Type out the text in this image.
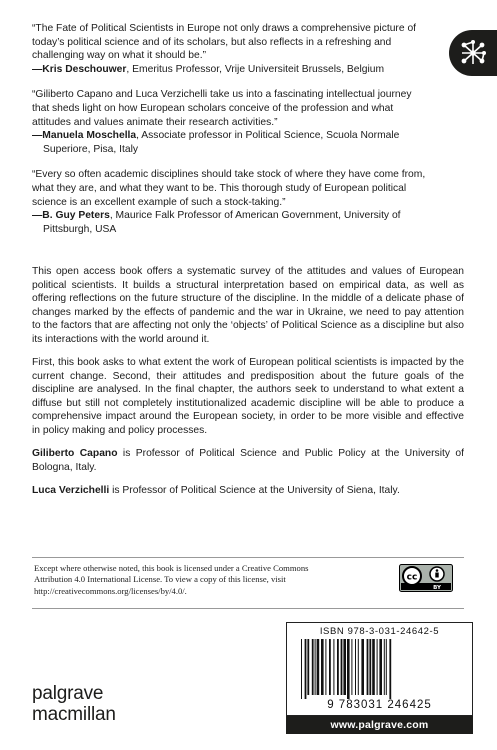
“The Fate of Political Scientists in Europe not only draws a comprehensive picture of today’s political science and of its scholars, but also reflects in a refreshing and challenging way on what it should be.”

—Kris Deschouwer, Emeritus Professor, Vrije Universiteit Brussels, Belgium

“Giliberto Capano and Luca Verzichelli take us into a fascinating intellectual journey that sheds light on how European scholars conceive of the profession and what attitudes and values animate their research activities.”

—Manuela Moschella, Associate professor in Political Science, Scuola Normale Superiore, Pisa, Italy

“Every so often academic disciplines should take stock of where they have come from, what they are, and what they want to be. This thorough study of European political science is an excellent example of such a stock-taking.”

—B. Guy Peters, Maurice Falk Professor of American Government, University of Pittsburgh, USA

This open access book offers a systematic survey of the attitudes and values of European political scientists. It builds a structural interpretation based on empirical data, as well as offering reflections on the future structure of the discipline. In the middle of a delicate phase of changes marked by the effects of pandemic and the war in Ukraine, we need to pay attention to the factors that are affecting not only the ‘objects’ of Political Science as a discipline but also its interactions with the world around it.

First, this book asks to what extent the work of European political scientists is impacted by the current change. Second, their attitudes and predisposition about the future goals of the discipline are analysed. In the final chapter, the authors seek to understand to what extent a diffuse but still not completely institutionalized academic discipline will be able to produce a comprehensive impact around the European society, in order to be more visible and effective in policy making and policy processes.

Giliberto Capano is Professor of Political Science and Public Policy at the University of Bologna, Italy.

Luca Verzichelli is Professor of Political Science at the University of Siena, Italy.

Except where otherwise noted, this book is licensed under a Creative Commons Attribution 4.0 International License. To view a copy of this license, visit http://creativecommons.org/licenses/by/4.0/.
cc
BY
ISBN 978-3-031-24642-5
9 783031 246425
www.palgrave.com
palgrave
macmillan
